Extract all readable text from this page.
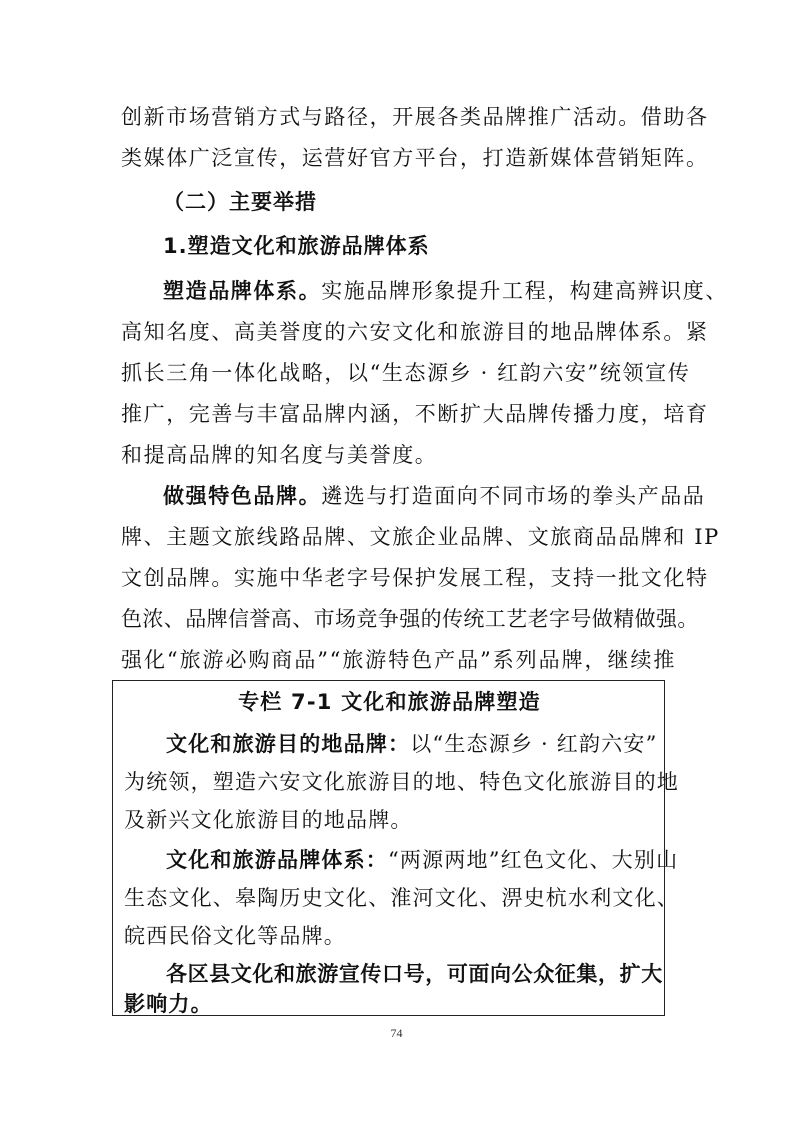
创新市场营销方式与路径，开展各类品牌推广活动。借助各
类媒体广泛宣传，运营好官方平台，打造新媒体营销矩阵。
（二）主要举措
1.塑造文化和旅游品牌体系
塑造品牌体系。实施品牌形象提升工程，构建高辨识度、
高知名度、高美誉度的六安文化和旅游目的地品牌体系。紧
抓长三角一体化战略，以“生态源乡 · 红韵六安”统领宣传
推广，完善与丰富品牌内涵，不断扩大品牌传播力度，培育
和提高品牌的知名度与美誉度。
做强特色品牌。遴选与打造面向不同市场的拳头产品品
牌、主题文旅线路品牌、文旅企业品牌、文旅商品品牌和 IP
文创品牌。实施中华老字号保护发展工程，支持一批文化特
色浓、品牌信誉高、市场竞争强的传统工艺老字号做精做强。
强化“旅游必购商品”“旅游特色产品”系列品牌，继续推
专栏 7-1 文化和旅游品牌塑造
文化和旅游目的地品牌：以“生态源乡 · 红韵六安”
为统领，塑造六安文化旅游目的地、特色文化旅游目的地
及新兴文化旅游目的地品牌。
文化和旅游品牌体系：“两源两地”红色文化、大别山
生态文化、皋陶历史文化、淮河文化、淠史杭水利文化、
皖西民俗文化等品牌。
各区县文化和旅游宣传口号，可面向公众征集，扩大
影响力。
74
